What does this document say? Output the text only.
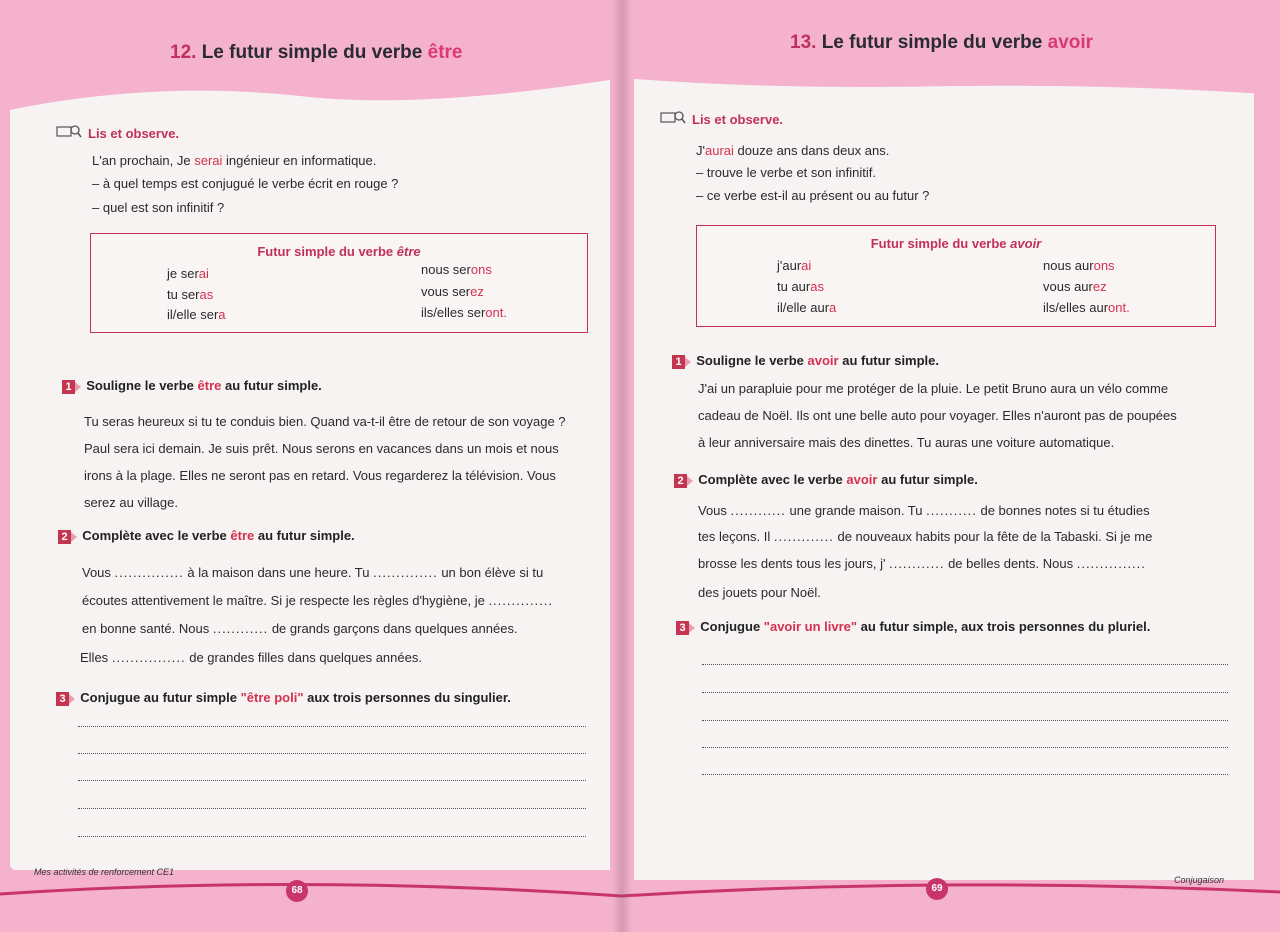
12. Le futur simple du verbe être
Lis et observe.
L'an prochain, Je serai ingénieur en informatique.
– à quel temps est conjugué le verbe écrit en rouge ?
– quel est son infinitif ?
Futur simple du verbe être
je serai
tu seras
il/elle sera
nous serons
vous serez
ils/elles seront.
1 Souligne le verbe être au futur simple.
Tu seras heureux si tu te conduis bien. Quand va-t-il être de retour de son voyage ?
Paul sera ici demain. Je suis prêt. Nous serons en vacances dans un mois et nous
irons à la plage. Elles ne seront pas en retard. Vous regarderez la télévision. Vous
serez au village.
2 Complète avec le verbe être au futur simple.
Vous ............... à la maison dans une heure. Tu .............. un bon élève si tu
écoutes attentivement le maître. Si je respecte les règles d'hygiène, je ..............
en bonne santé. Nous ............ de grands garçons dans quelques années.
Elles ................ de grandes filles dans quelques années.
3 Conjugue au futur simple "être poli" aux trois personnes du singulier.
Mes activités de renforcement CE1
68
13. Le futur simple du verbe avoir
Lis et observe.
J'aurai douze ans dans deux ans.
– trouve le verbe et son infinitif.
– ce verbe est-il au présent ou au futur ?
Futur simple du verbe avoir
j'aurai
tu auras
il/elle aura
nous aurons
vous aurez
ils/elles auront.
1 Souligne le verbe avoir au futur simple.
J'ai un parapluie pour me protéger de la pluie. Le petit Bruno aura un vélo comme
cadeau de Noël. Ils ont une belle auto pour voyager. Elles n'auront pas de poupées
à leur anniversaire mais des dinettes. Tu auras une voiture automatique.
2 Complète avec le verbe avoir au futur simple.
Vous ............ une grande maison. Tu ........... de bonnes notes si tu étudies
tes leçons. Il ............. de nouveaux habits pour la fête de la Tabaski. Si je me
brosse les dents tous les jours, j' ............ de belles dents. Nous ...............
des jouets pour Noël.
3 Conjugue "avoir un livre" au futur simple, aux trois personnes du pluriel.
Conjugaison
69
